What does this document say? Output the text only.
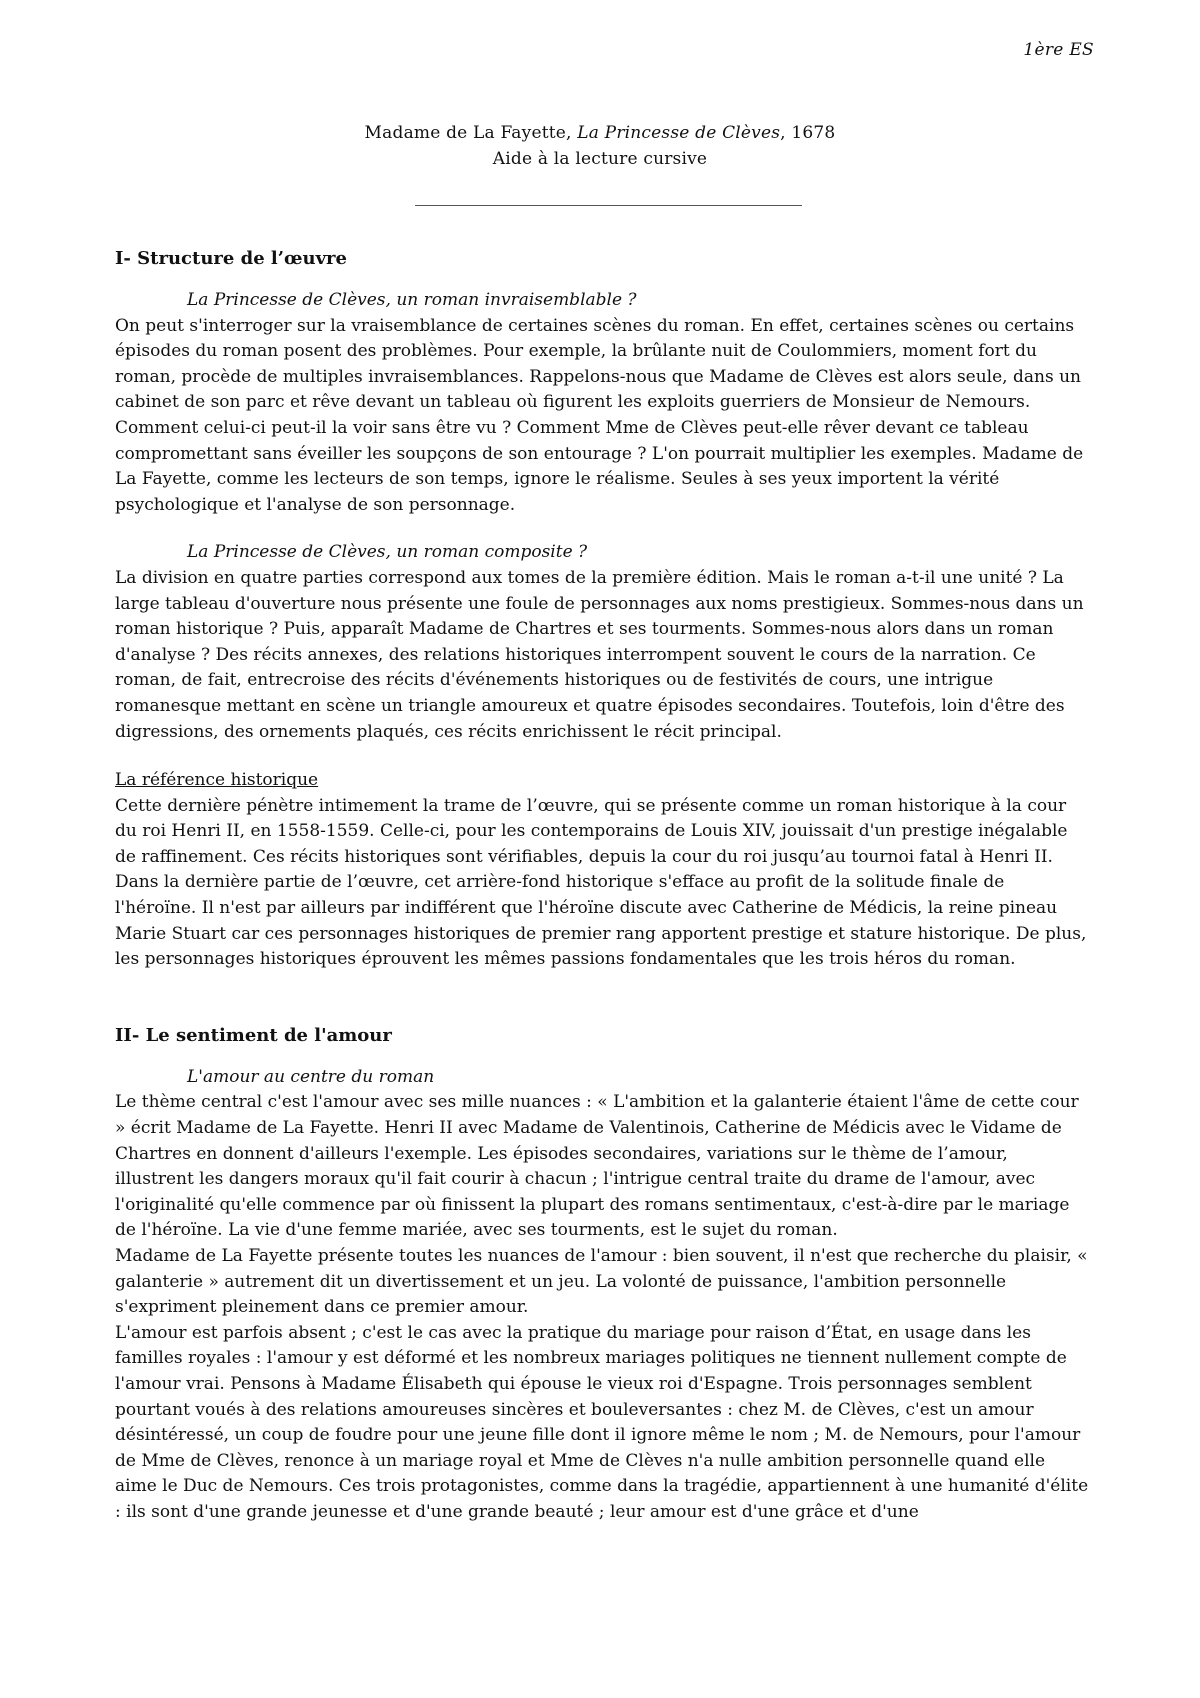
1ère ES
Madame de La Fayette, La Princesse de Clèves, 1678
Aide à la lecture cursive
I- Structure de l’œuvre
La Princesse de Clèves, un roman invraisemblable ?

On peut s'interroger sur la vraisemblance de certaines scènes du roman. En effet, certaines scènes ou certains épisodes du roman posent des problèmes. Pour exemple, la brûlante nuit de Coulommiers, moment fort du roman, procède de multiples invraisemblances. Rappelons-nous que Madame de Clèves est alors seule, dans un cabinet de son parc et rêve devant un tableau où figurent les exploits guerriers de Monsieur de Nemours. Comment celui-ci peut-il la voir sans être vu ? Comment Mme de Clèves peut-elle rêver devant ce tableau compromettant sans éveiller les soupçons de son entourage ? L'on pourrait multiplier les exemples. Madame de La Fayette, comme les lecteurs de son temps, ignore le réalisme. Seules à ses yeux importent la vérité psychologique et l'analyse de son personnage.

La Princesse de Clèves, un roman composite ?

La division en quatre parties correspond aux tomes de la première édition. Mais le roman a-t-il une unité ? La large tableau d'ouverture nous présente une foule de personnages aux noms prestigieux. Sommes-nous dans un roman historique ? Puis, apparaît Madame de Chartres et ses tourments. Sommes-nous alors dans un roman d'analyse ? Des récits annexes, des relations historiques interrompent souvent le cours de la narration. Ce roman, de fait, entrecroise des récits d'événements historiques ou de festivités de cours, une intrigue romanesque mettant en scène un triangle amoureux et quatre épisodes secondaires. Toutefois, loin d'être des digressions, des ornements plaqués, ces récits enrichissent le récit principal.

La référence historique

Cette dernière pénètre intimement la trame de l’œuvre, qui se présente comme un roman historique à la cour du roi Henri II, en 1558-1559. Celle-ci, pour les contemporains de Louis XIV, jouissait d'un prestige inégalable de raffinement. Ces récits historiques sont vérifiables, depuis la cour du roi jusqu’au tournoi fatal à Henri II. Dans la dernière partie de l’œuvre, cet arrière-fond historique s'efface au profit de la solitude finale de l'héroïne. Il n'est par ailleurs par indifférent que l'héroïne discute avec Catherine de Médicis, la reine pineau Marie Stuart car ces personnages historiques de premier rang apportent prestige et stature historique. De plus, les personnages historiques éprouvent les mêmes passions fondamentales que les trois héros du roman.

II- Le sentiment de l'amour
L'amour au centre du roman

Le thème central c'est l'amour avec ses mille nuances : « L'ambition et la galanterie étaient l'âme de cette cour » écrit Madame de La Fayette. Henri II avec Madame de Valentinois, Catherine de Médicis avec le Vidame de Chartres en donnent d'ailleurs l'exemple. Les épisodes secondaires, variations sur le thème de l’amour, illustrent les dangers moraux qu'il fait courir à chacun ; l'intrigue central traite du drame de l'amour, avec l'originalité qu'elle commence par où finissent la plupart des romans sentimentaux, c'est-à-dire par le mariage de l'héroïne. La vie d'une femme mariée, avec ses tourments, est le sujet du roman.

Madame de La Fayette présente toutes les nuances de l'amour : bien souvent, il n'est que recherche du plaisir, « galanterie » autrement dit un divertissement et un jeu. La volonté de puissance, l'ambition personnelle s'expriment pleinement dans ce premier amour.

L'amour est parfois absent ; c'est le cas avec la pratique du mariage pour raison d’État, en usage dans les familles royales : l'amour y est déformé et les nombreux mariages politiques ne tiennent nullement compte de l'amour vrai. Pensons à Madame Élisabeth qui épouse le vieux roi d'Espagne. Trois personnages semblent pourtant voués à des relations amoureuses sincères et bouleversantes : chez M. de Clèves, c'est un amour désintéressé, un coup de foudre pour une jeune fille dont il ignore même le nom ; M. de Nemours, pour l'amour de Mme de Clèves, renonce à un mariage royal et Mme de Clèves n'a nulle ambition personnelle quand elle aime le Duc de Nemours. Ces trois protagonistes, comme dans la tragédie, appartiennent à une humanité d'élite : ils sont d'une grande jeunesse et d'une grande beauté ; leur amour est d'une grâce et d'une
